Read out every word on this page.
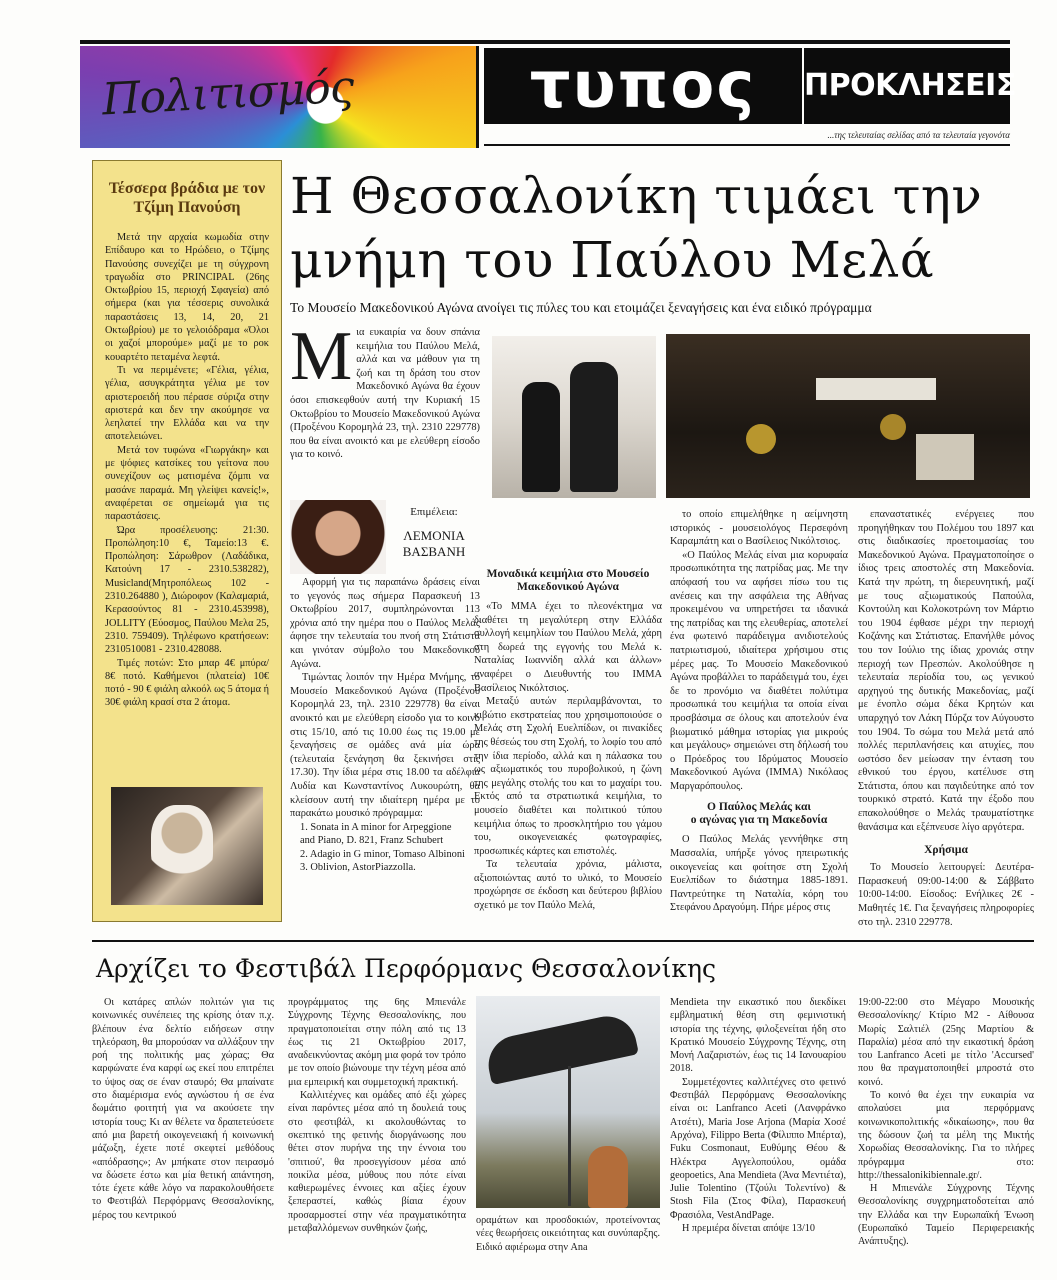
Πολιτισμός	τυπος	ΠΡΟΚΛΗΣΕΙΣ
...της τελευταίας σελίδας από τα τελευταία γεγονότα
Τέσσερα βράδια με τον Τζίμη Πανούση

Μετά την αρχαία κωμωδία στην Επίδαυρο και το Ηρώδειο, ο Τζίμης Πανούσης συνεχίζει με τη σύγχρονη τραγωδία στο PRINCIPAL (26ης Οκτωβρίου 15, περιοχή Σφαγεία) από σήμερα (και για τέσσερις συνολικά παραστάσεις 13, 14, 20, 21 Οκτωβρίου) με το γελοιόδραμα «Όλοι οι χαζοί μπορούμε» μαζί με το ροκ κουαρτέτο πεταμένα λεφτά.

Τι να περιμένετε; «Γέλια, γέλια, γέλια, ασυγκράτητα γέλια με τον αριστεροειδή που πέρασε σύριζα στην αριστερά και δεν την ακούμησε να λεηλατεί την Ελλάδα και να την αποτελειώνει.

Μετά τον τυφώνα «Γιωργάκη» και με ψόφιες κατσίκες του γείτονα που συνεχίζουν ως ματισμένα ζόμπι να μασάνε παραμά. Μη γλείψει κανείς!», αναφέρεται σε σημείωμά για τις παραστάσεις.

Ώρα προσέλευσης: 21:30. Προπώληση:10 €, Ταμείο:13 €. Προπώληση: Σάρωθρον (Λαδάδικα, Κατούνη 17 - 2310.538282), Musicland(Μητροπόλεως 102 - 2310.264880 ), Διώροφον (Καλαμαριά, Κερασούντος 81 - 2310.453998), JOLLITY (Εύοσμος, Παύλου Μελα 25, 2310. 759409). Τηλέφωνο κρατήσεων: 2310510081 - 2310.428088.

Τιμές ποτών: Στο μπαρ 4€ μπύρα/ 8€ ποτό. Καθήμενοι (πλατεία) 10€ ποτό - 90 € φιάλη αλκοόλ ως 5 άτομα ή 30€ φιάλη κρασί στα 2 άτομα.

Η Θεσσαλονίκη τιμάει την
μνήμη του Παύλου Μελά
Το Μουσείο Μακεδονικού Αγώνα ανοίγει τις πύλες του και ετοιμάζει ξεναγήσεις και ένα ειδικό πρόγραμμα
Μ ια ευκαιρία να δουν σπάνια κειμήλια του Παύλου Μελά, αλλά και να μάθουν για τη ζωή και τη δράση του στον Μακεδονικό Αγώνα θα έχουν όσοι επισκεφθούν αυτή την Κυριακή 15 Οκτωβρίου το Μουσείο Μακεδονικού Αγώνα (Προξένου Κορομηλά 23, τηλ. 2310 229778) που θα είναι ανοικτό και με ελεύθερη είσοδο για το κοινό.
Επιμέλεια:
ΛΕΜΟΝΙΑ
ΒΑΣΒΑΝΗ

Αφορμή για τις παραπάνω δράσεις είναι το γεγονός πως σήμερα Παρασκευή 13 Οκτωβρίου 2017, συμπληρώνονται 113 χρόνια από την ημέρα που ο Παύλος Μελάς άφησε την τελευταία του πνοή στη Στάτιστα και γινόταν σύμβολο του Μακεδονικού Αγώνα.

Τιμώντας λοιπόν την Ημέρα Μνήμης, το Μουσείο Μακεδονικού Αγώνα (Προξένου Κορομηλά 23, τηλ. 2310 229778) θα είναι ανοικτό και με ελεύθερη είσοδο για το κοινό στις 15/10, από τις 10.00 έως τις 19.00 με ξεναγήσεις σε ομάδες ανά μία ώρα (τελευταία ξενάγηση θα ξεκινήσει στις 17.30). Την ίδια μέρα στις 18.00 τα αδέλφια Λυδία και Κωνσταντίνος Λυκουρώτη, θα κλείσουν αυτή την ιδιαίτερη ημέρα με το παρακάτω μουσικό πρόγραμμα:

1. Sonata in A minor for Arpeggione

and Piano, D. 821, Franz Schubert

2. Adagio in G minor, Tomaso Albinoni

3. Oblivion, AstorPiazzolla.

Μοναδικά κειμήλια στο Μουσείο Μακεδονικού Αγώνα

«Το ΜΜΑ έχει το πλεονέκτημα να διαθέτει τη μεγαλύτερη στην Ελλάδα συλλογή κειμηλίων του Παύλου Μελά, χάρη στη δωρεά της εγγονής του Μελά κ. Ναταλίας Ιωαννίδη αλλά και άλλων» αναφέρει ο Διευθυντής του ΙΜΜΑ Βασίλειος Νικόλτσιος.

Μεταξύ αυτών περιλαμβάνονται, το κιβώτιο εκστρατείας που χρησιμοποιούσε ο Μελάς στη Σχολή Ευελπίδων, οι πινακίδες της θέσεώς του στη Σχολή, το λοφίο του από την ίδια περίοδο, αλλά και η πάλασκα του ως αξιωματικός του πυροβολικού, η ζώνη της μεγάλης στολής του και το μαχαίρι του. Εκτός από τα στρατιωτικά κειμήλια, το μουσείο διαθέτει και πολιτικού τύπου κειμήλια όπως το προσκλητήριο του γάμου του, οικογενειακές φωτογραφίες, προσωπικές κάρτες και επιστολές.

Τα τελευταία χρόνια, μάλιστα, αξιοποιώντας αυτό το υλικό, το Μουσείο προχώρησε σε έκδοση και δεύτερου βιβλίου σχετικό με τον Παύλο Μελά,

το οποίο επιμελήθηκε η αείμνηστη ιστορικός - μουσειολόγος Περσεφόνη Καραμπάτη και ο Βασίλειος Νικόλτσιος.

«Ο Παύλος Μελάς είναι μια κορυφαία προσωπικότητα της πατρίδας μας. Με την απόφασή του να αφήσει πίσω του τις ανέσεις και την ασφάλεια της Αθήνας προκειμένου να υπηρετήσει τα ιδανικά της πατρίδας και της ελευθερίας, αποτελεί ένα φωτεινό παράδειγμα ανιδιοτελούς πατριωτισμού, ιδιαίτερα χρήσιμου στις μέρες μας. Το Μουσείο Μακεδονικού Αγώνα προβάλλει το παράδειγμά του, έχει δε το προνόμιο να διαθέτει πολύτιμα προσωπικά του κειμήλια τα οποία είναι προσβάσιμα σε όλους και αποτελούν ένα βιωματικό μάθημα ιστορίας για μικρούς και μεγάλους» σημειώνει στη δήλωσή του ο Πρόεδρος του Ιδρύματος Μουσείο Μακεδονικού Αγώνα (ΙΜΜΑ) Νικόλαος Μαργαρόπουλος.

Ο Παύλος Μελάς και
ο αγώνας για τη Μακεδονία

Ο Παύλος Μελάς γεννήθηκε στη Μασσαλία, υπήρξε γόνος ηπειρωτικής οικογενείας και φοίτησε στη Σχολή Ευελπίδων το διάστημα 1885-1891. Παντρεύτηκε τη Ναταλία, κόρη του Στεφάνου Δραγούμη. Πήρε μέρος στις

επαναστατικές ενέργειες που προηγήθηκαν του Πολέμου του 1897 και στις διαδικασίες προετοιμασίας του Μακεδονικού Αγώνα. Πραγματοποίησε ο ίδιος τρεις αποστολές στη Μακεδονία. Κατά την πρώτη, τη διερευνητική, μαζί με τους αξιωματικούς Παπούλα, Κοντούλη και Κολοκοτρώνη τον Μάρτιο του 1904 έφθασε μέχρι την περιοχή Κοζάνης και Στάτιστας. Επανήλθε μόνος του τον Ιούλιο της ίδιας χρονιάς στην περιοχή των Πρεσπών. Ακολούθησε η τελευταία περίοδία του, ως γενικού αρχηγού της δυτικής Μακεδονίας, μαζί με ένοπλο σώμα δέκα Κρητών και υπαρχηγό τον Λάκη Πύρζα τον Αύγουστο του 1904. Το σώμα του Μελά μετά από πολλές περιπλανήσεις και ατυχίες, που ωστόσο δεν μείωσαν την ένταση του εθνικού του έργου, κατέλυσε στη Στάτιστα, όπου και παγιδεύτηκε από τον τουρκικό στρατό. Κατά την έξοδο που επακολούθησε ο Μελάς τραυματίστηκε θανάσιμα και εξέπνευσε λίγο αργότερα.

Χρήσιμα

Το Μουσείο λειτουργεί: Δευτέρα-Παρασκευή 09:00-14:00 & Σάββατο 10:00-14:00. Είσοδος: Ενήλικες 2€ - Μαθητές 1€. Για ξεναγήσεις πληροφορίες στο τηλ. 2310 229778.

Αρχίζει το Φεστιβάλ Περφόρμανς Θεσσαλονίκης

Οι κατάρες απλών πολιτών για τις κοινωνικές συνέπειες της κρίσης όταν π.χ. βλέπουν ένα δελτίο ειδήσεων στην τηλεόραση, θα μπορούσαν να αλλάξουν την ροή της πολιτικής μας χώρας; Θα καρφώνατε ένα καρφί ως εκεί που επιτρέπει το ύψος σας σε έναν σταυρό; Θα μπαίνατε στο διαμέρισμα ενός αγνώστου ή σε ένα δωμάτιο φοιτητή για να ακούσετε την ιστορία τους; Κι αν θέλετε να δραπετεύσετε από μια βαρετή οικογενειακή ή κοινωνική μάζωξη, έχετε ποτέ σκεφτεί μεθόδους «απόδρασης»; Αν μπήκατε στον πειρασμό να δώσετε έστω και μία θετική απάντηση, τότε έχετε κάθε λόγο να παρακολουθήσετε το Φεστιβάλ Περφόρμανς Θεσσαλονίκης, μέρος του κεντρικού

προγράμματος της 6ης Μπιενάλε Σύγχρονης Τέχνης Θεσσαλονίκης, που πραγματοποιείται στην πόλη από τις 13 έως τις 21 Οκτωβρίου 2017, αναδεικνύοντας ακόμη μια φορά τον τρόπο με τον οποίο βιώνουμε την τέχνη μέσα από μια εμπειρική και συμμετοχική πρακτική.

Καλλιτέχνες και ομάδες από έξι χώρες είναι παρόντες μέσα από τη δουλειά τους στο φεστιβάλ, κι ακολουθώντας το σκεπτικό της φετινής διοργάνωσης που θέτει στον πυρήνα της την έννοια του 'σπιτιού', θα προσεγγίσουν μέσα από ποικίλα μέσα, μύθους που πότε είναι καθιερωμένες έννοιες και αξίες έχουν ξεπεραστεί, καθώς βίαια έχουν προσαρμοστεί στην νέα πραγματικότητα μεταβαλλόμενων συνθηκών ζωής,

οραμάτων και προσδοκιών, προτείνοντας νέες θεωρήσεις οικειότητας και συνύπαρξης. Ειδικό αφιέρωμα στην Ana

Mendieta την εικαστικό που διεκδίκει εμβληματική θέση στη φεμινιστική ιστορία της τέχνης, φιλοξενείται ήδη στο Κρατικό Μουσείο Σύγχρονης Τέχνης, στη Μονή Λαζαριστών, έως τις 14 Ιανουαρίου 2018.

Συμμετέχοντες καλλιτέχνες στο φετινό Φεστιβάλ Περφόρμανς Θεσσαλονίκης είναι οι: Lanfranco Aceti (Λανφράνκο Ατσέτι), Maria Jose Arjona (Μαρία Χοσέ Αρχόνα), Filippo Berta (Φίλιππο Μπέρτα), Fuku Cosmonaut, Ευθύμης Θέου & Ηλέκτρα Αγγελοπούλου, ομάδα geopoetics, Ana Mendieta (Άνα Μεντιέτα), Julie Tolentino (Τζούλι Τολεντίνο) & Stosh Fila (Στος Φίλα), Παρασκευή Φρασιόλα, VestAndPage.

Η πρεμιέρα δίνεται απόψε 13/10

19:00-22:00 στο Μέγαρο Μουσικής Θεσσαλονίκης/ Κτίριο Μ2 - Αίθουσα Μωρίς Σαλτιέλ (25ης Μαρτίου & Παραλία) μέσα από την εικαστική δράση του Lanfranco Aceti με τίτλο 'Accursed' που θα πραγματοποιηθεί μπροστά στο κοινό.

Το κοινό θα έχει την ευκαιρία να απολαύσει μια περφόρμανς κοινωνικοπολιτικής «δικαίωσης», που θα της δώσουν ζωή τα μέλη της Μικτής Χορωδίας Θεσσαλονίκης. Για το πλήρες πρόγραμμα στο: http://thessalonikibiennale.gr/.

Η Μπιενάλε Σύγχρονης Τέχνης Θεσσαλονίκης συγχρηματοδοτείται από την Ελλάδα και την Ευρωπαϊκή Ένωση (Ευρωπαϊκό Ταμείο Περιφερειακής Ανάπτυξης).
